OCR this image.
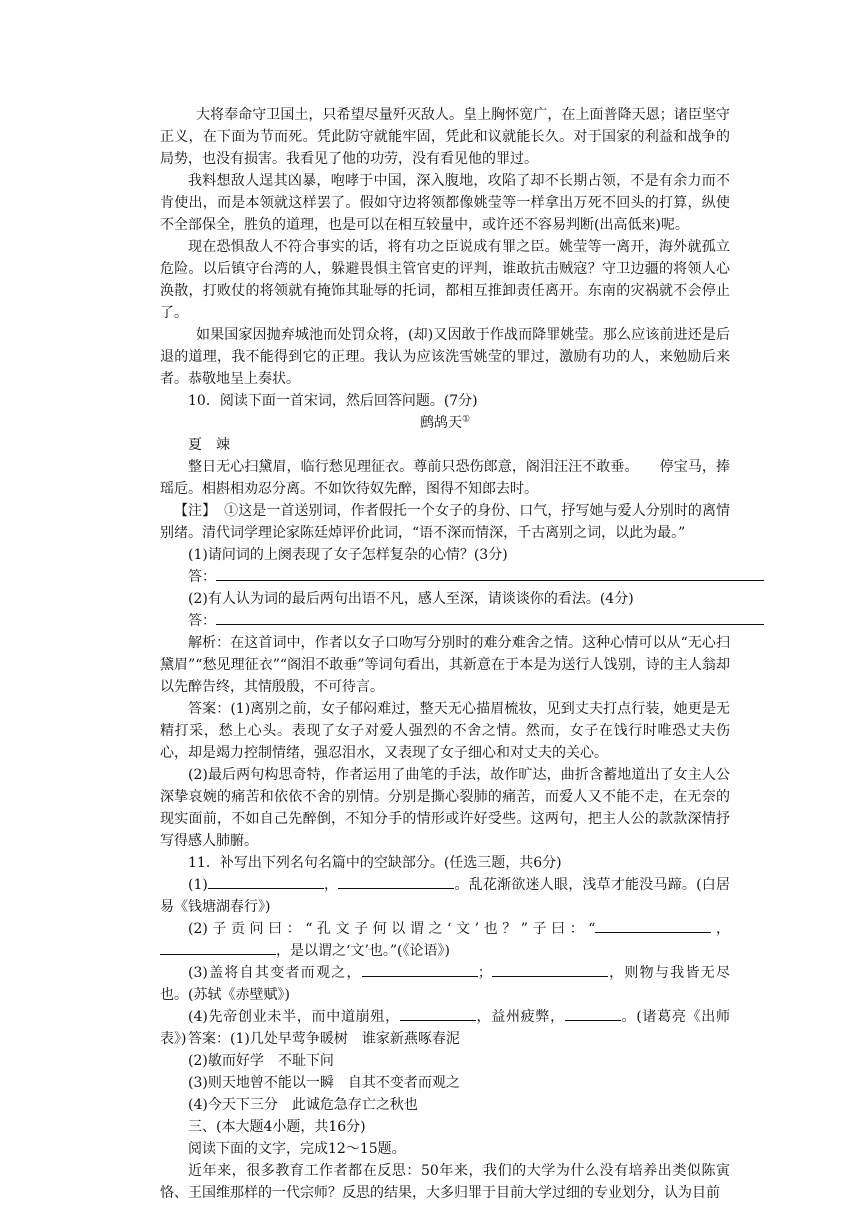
大将奉命守卫国土，只希望尽量歼灭敌人。皇上胸怀宽广，在上面普降天恩；诸臣坚守正义，在下面为节而死。凭此防守就能牢固，凭此和议就能长久。对于国家的利益和战争的局势，也没有损害。我看见了他的功劳，没有看见他的罪过。

我料想敌人逞其凶暴，咆哮于中国，深入腹地，攻陷了却不长期占领，不是有余力而不肯使出，而是本领就这样罢了。假如守边将领都像姚莹等一样拿出万死不回头的打算，纵使不全部保全，胜负的道理，也是可以在相互较量中，或许还不容易判断(出高低来)呢。

现在恐惧敌人不符合事实的话，将有功之臣说成有罪之臣。姚莹等一离开，海外就孤立危险。以后镇守台湾的人，躲避畏惧主管官吏的评判，谁敢抗击贼寇？守卫边疆的将领人心涣散，打败仗的将领就有掩饰其耻辱的托词，都相互推卸责任离开。东南的灾祸就不会停止了。

如果国家因抛弃城池而处罚众将，(却)又因敢于作战而降罪姚莹。那么应该前进还是后退的道理，我不能得到它的正理。我认为应该洗雪姚莹的罪过，激励有功的人，来勉励后来者。 恭敬地呈上奏状。

10．阅读下面一首宋词，然后回答问题。(7分)

鹧鸪天①

夏　竦

整日无心扫黛眉，临行愁见理征衣。尊前只恐伤郎意，阁泪汪汪不敢垂。　　停宝马，捧瑶卮。相斟相劝忍分离。不如饮待奴先醉，图得不知郎去时。

【注】 ①这是一首送别词，作者假托一个女子的身份、口气，抒写她与爱人分别时的离情别绪。清代词学理论家陈廷焯评价此词，“语不深而情深，千古离别之词，以此为最。”

(1)请问词的上阕表现了女子怎样复杂的心情？(3分)

答：

(2)有人认为词的最后两句出语不凡，感人至深，请谈谈你的看法。(4分)

答：

解析：在这首词中，作者以女子口吻写分别时的难分难舍之情。这种心情可以从“无心扫黛眉”“愁见理征衣”“阁泪不敢垂”等词句看出，其新意在于本是为送行人饯别，诗的主人翁却以先醉告终，其情殷殷，不可待言。

答案：(1)离别之前，女子郁闷难过，整天无心描眉梳妆，见到丈夫打点行装，她更是无精打采，愁上心头。表现了女子对爱人强烈的不舍之情。然而，女子在饯行时唯恐丈夫伤心，却是竭力控制情绪，强忍泪水，又表现了女子细心和对丈夫的关心。

(2)最后两句构思奇特，作者运用了曲笔的手法，故作旷达，曲折含蓄地道出了女主人公深挚哀婉的痛苦和依依不舍的别情。分别是撕心裂肺的痛苦，而爱人又不能不走，在无奈的现实面前，不如自己先醉倒，不知分手的情形或许好受些。这两句，把主人公的款款深情抒写得感人肺腑。

11．补写出下列名句名篇中的空缺部分。(任选三题，共6分)

(1)	，	。乱花渐欲迷人眼，浅草才能没马蹄。(白居易《钱塘湖春行》)

(2)子贡问曰：“孔文子何以谓之‘文’也？”子曰：“	，，是以谓之‘文’也。”(《论语》)

(3)盖将自其变者而观之，	；	，则物与我皆无尽也。(苏轼《赤壁赋》)

(4)先帝创业未半，而中道崩殂，	，益州疲弊，	。(诸葛亮《出师表》) 答案：(1)几处早莺争暖树　谁家新燕啄春泥

(2)敏而好学　不耻下问

(3)则天地曾不能以一瞬　自其不变者而观之

(4)今天下三分　此诚危急存亡之秋也

三、(本大题4小题，共16分)

阅读下面的文字，完成12～15题。

近年来，很多教育工作者都在反思：50年来，我们的大学为什么没有培养出类似陈寅恪、王国维那样的一代宗师？反思的结果，大多归罪于目前大学过细的专业划分，认为目前
